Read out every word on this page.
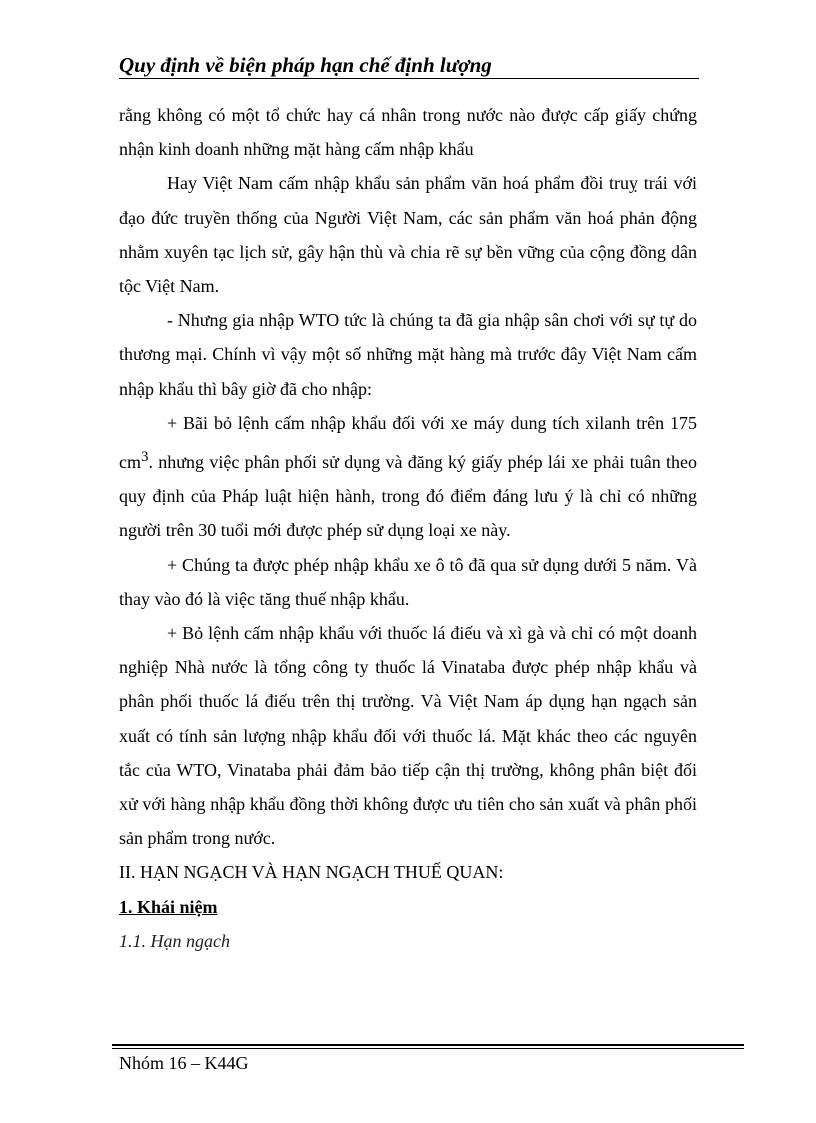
Quy định về biện pháp hạn chế định lượng

rằng không có một tổ chức hay cá nhân trong nước nào được cấp giấy chứng nhận kinh doanh những mặt hàng cấm nhập khẩu

Hay Việt Nam cấm nhập khẩu sản phẩm văn hoá phẩm đồi truỵ trái với đạo đức truyền thống của Người Việt Nam, các sản phẩm văn hoá phản động nhằm xuyên tạc lịch sử, gây hận thù và chia rẽ sự bền vững của cộng đồng dân tộc Việt Nam.

- Nhưng gia nhập WTO tức là chúng ta đã gia nhập sân chơi với sự tự do thương mại. Chính vì vậy một số những mặt hàng mà trước đây Việt Nam cấm nhập khẩu thì bây giờ đã cho nhập:

+ Bãi bỏ lệnh cấm nhập khẩu đối với xe máy dung tích xilanh trên 175 $cm^3$. nhưng việc phân phối sử dụng và đăng ký giấy phép lái xe phải tuân theo quy định của Pháp luật hiện hành, trong đó điểm đáng lưu ý là chỉ có những người trên 30 tuổi mới được phép sử dụng loại xe này.

+ Chúng ta được phép nhập khẩu xe ô tô đã qua sử dụng dưới 5 năm. Và thay vào đó là việc tăng thuế nhập khẩu.

+ Bỏ lệnh cấm nhập khẩu với thuốc lá điếu và xì gà và chỉ có một doanh nghiệp Nhà nước là tổng công ty thuốc lá Vinataba được phép nhập khẩu và phân phối thuốc lá điếu trên thị trường. Và Việt Nam áp dụng hạn ngạch sản xuất có tính sản lượng nhập khẩu đối với thuốc lá. Mặt khác theo các nguyên tắc của WTO, Vinataba phải đảm bảo tiếp cận thị trường, không phân biệt đối xử với hàng nhập khẩu đồng thời không được ưu tiên cho sản xuất và phân phối sản phẩm trong nước.

II. HẠN NGẠCH VÀ HẠN NGẠCH THUẾ QUAN:

1. Khái niệm

1.1. Hạn ngạch

Nhóm 16 – K44G
